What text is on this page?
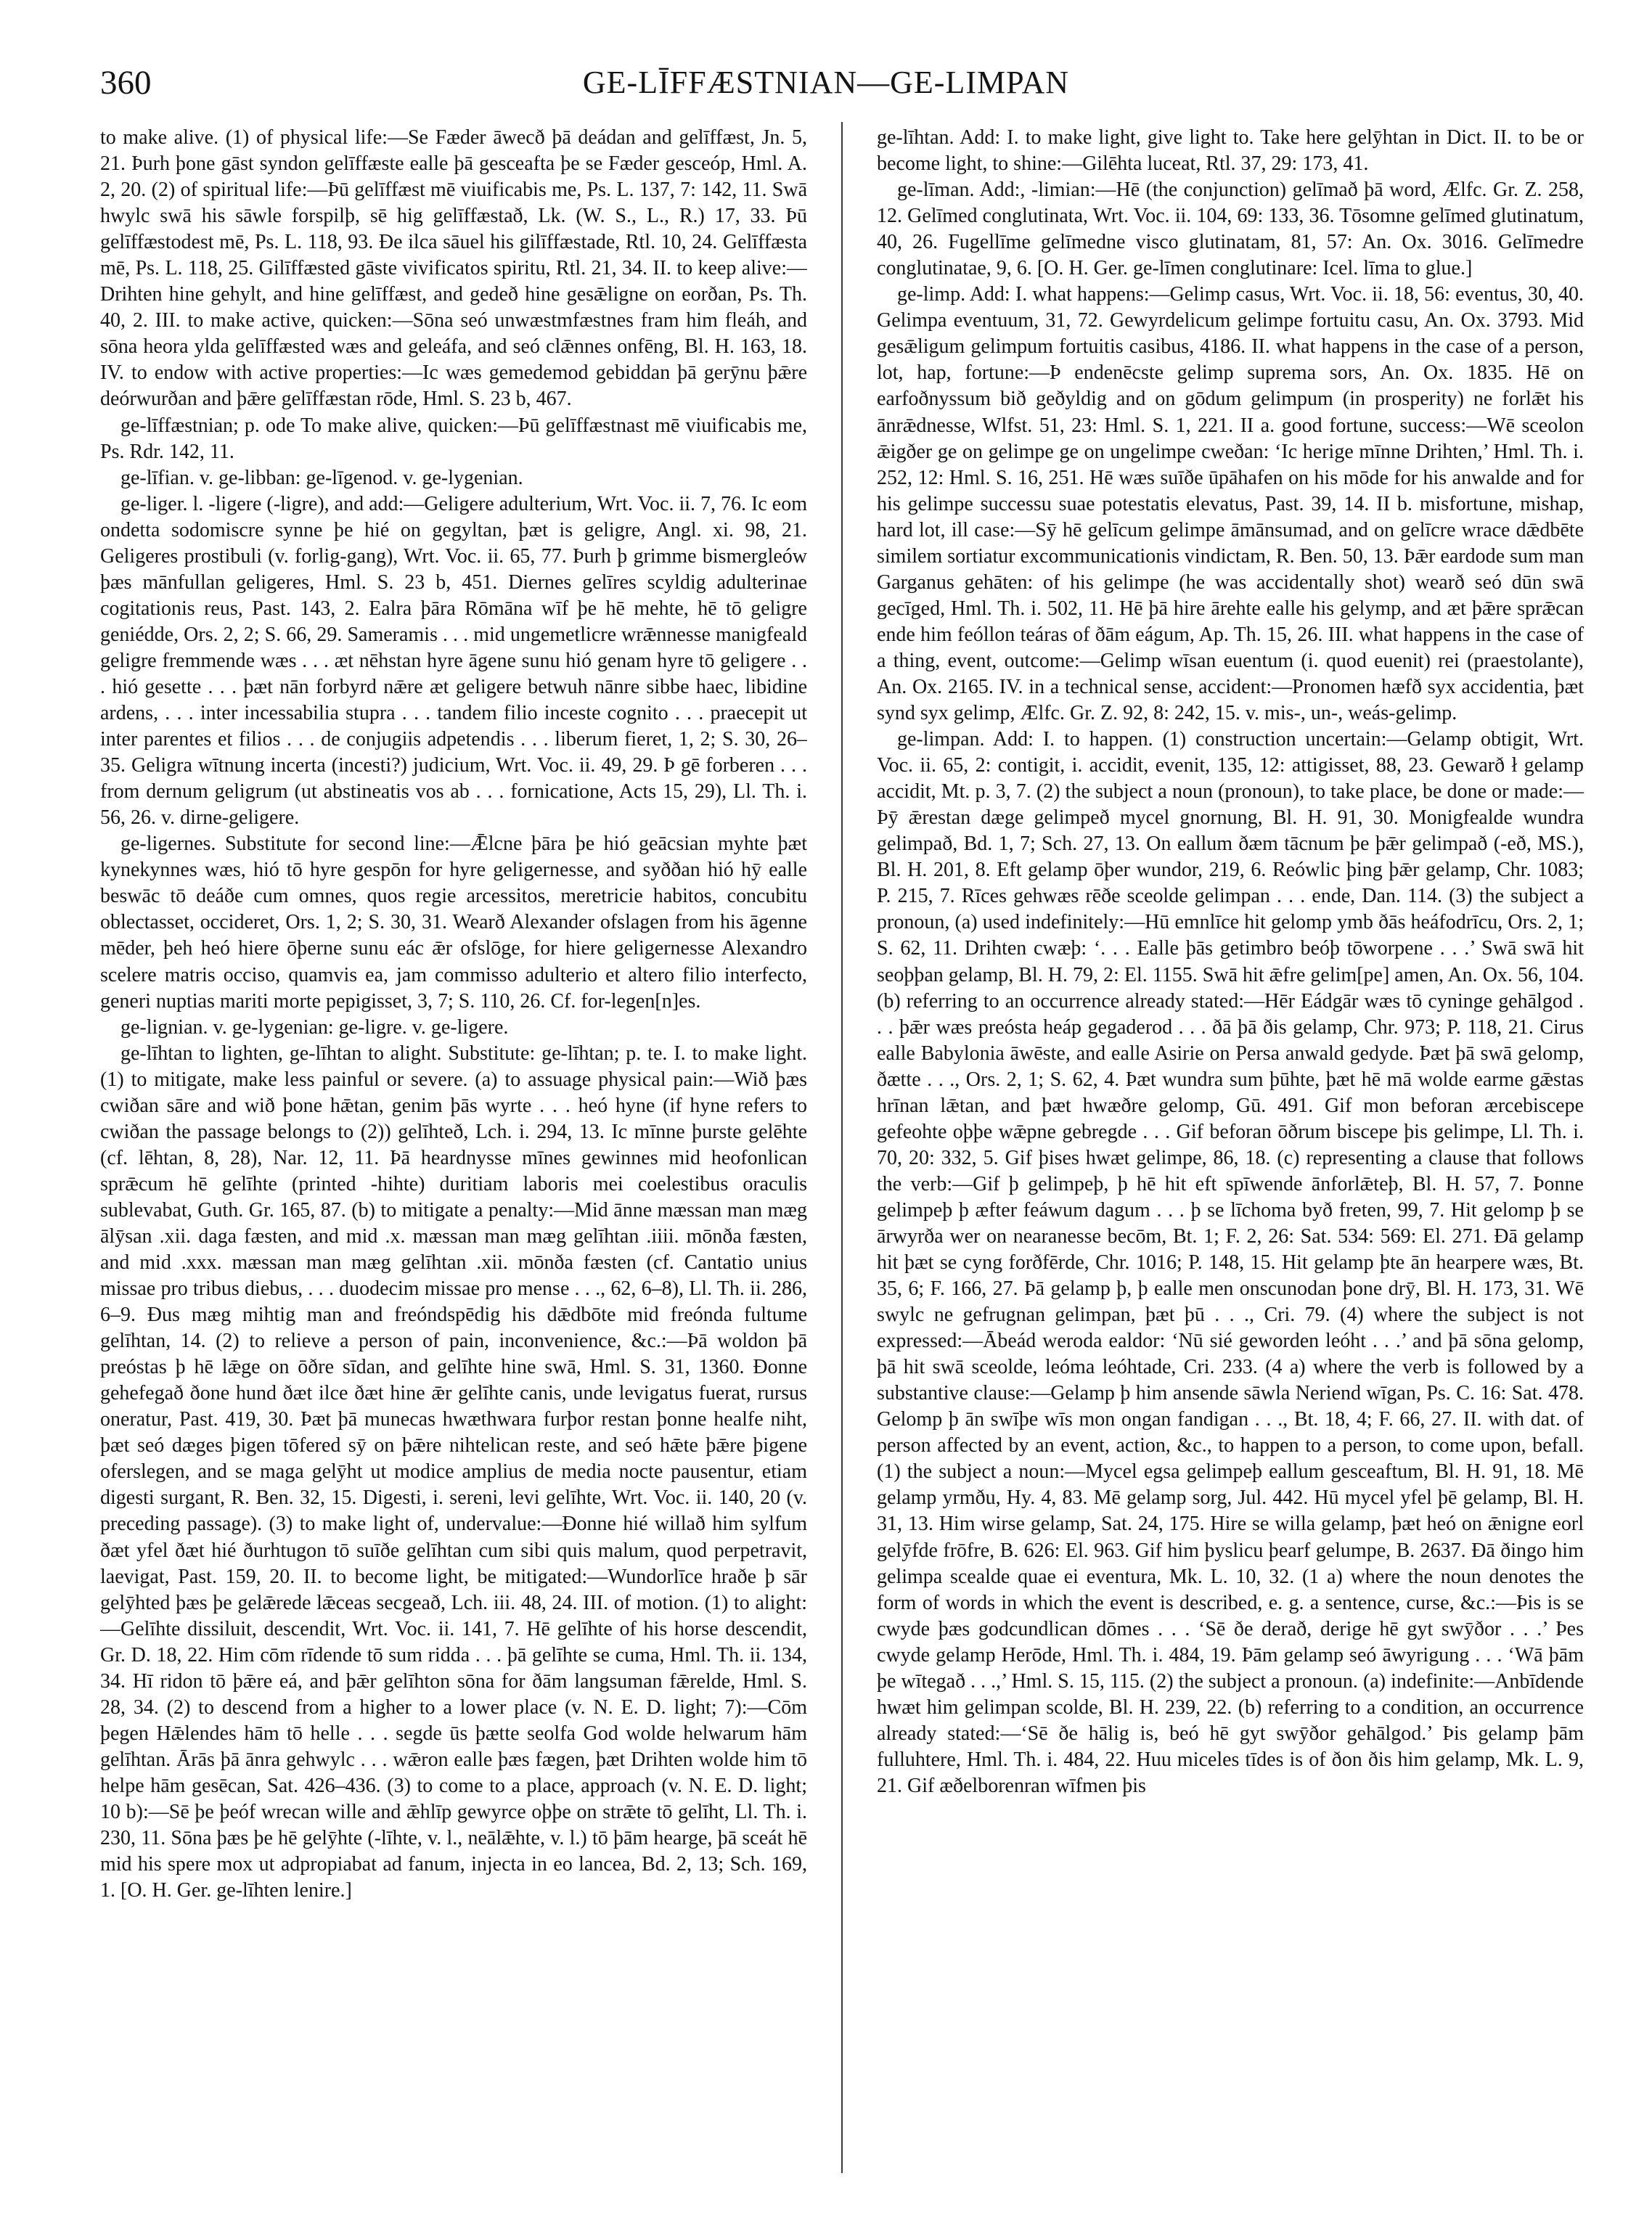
360	GE-LĪFFÆSTNIAN—GE-LIMPAN

to make alive. (1) of physical life:—Se Fæder āwecð þā deádan and gelīffæst, Jn. 5, 21. Þurh þone gāst syndon gelīffæste ealle þā gesceafta þe se Fæder gesceóp, Hml. A. 2, 20. (2) of spiritual life:—Þū gelīffæst mē viuificabis me, Ps. L. 137, 7: 142, 11. Swā hwylc swā his sāwle forspilþ, sē hig gelīffæstað, Lk. (W. S., L., R.) 17, 33. Þū gelīffæstodest mē, Ps. L. 118, 93. Ðe ilca sāuel his gilīffæstade, Rtl. 10, 24. Gelīffæsta mē, Ps. L. 118, 25. Gilīffæsted gāste vivificatos spiritu, Rtl. 21, 34. II. to keep alive:—Drihten hine gehylt, and hine gelīffæst, and gedeð hine gesǣligne on eorðan, Ps. Th. 40, 2. III. to make active, quicken:—Sōna seó unwæstmfæstnes fram him fleáh, and sōna heora ylda gelīffæsted wæs and geleáfa, and seó clǣnnes onfēng, Bl. H. 163, 18. IV. to endow with active properties:—Ic wæs gemedemod gebiddan þā gerȳnu þǣre deórwurðan and þǣre gelīffæstan rōde, Hml. S. 23 b, 467.

ge-līffæstnian; p. ode To make alive, quicken:—Þū gelīffæstnast mē viuificabis me, Ps. Rdr. 142, 11.

ge-līfian. v. ge-libban: ge-līgenod. v. ge-lygenian.

ge-liger. l. -ligere (-ligre), and add:—Geligere adulterium, Wrt. Voc. ii. 7, 76. Ic eom ondetta sodomiscre synne þe hié on gegyltan, þæt is geligre, Angl. xi. 98, 21. Geligeres prostibuli (v. forlig-gang), Wrt. Voc. ii. 65, 77. Þurh þ grimme bismergleów þæs mānfullan geligeres, Hml. S. 23 b, 451. Diernes gelīres scyldig adulterinae cogitationis reus, Past. 143, 2. Ealra þāra Rōmāna wīf þe hē mehte, hē tō geligre geniédde, Ors. 2, 2; S. 66, 29. Sameramis . . . mid ungemetlicre wrǣnnesse manigfeald geligre fremmende wæs . . . æt nēhstan hyre āgene sunu hió genam hyre tō geligere . . . hió gesette . . . þæt nān forbyrd nǣre æt geligere betwuh nānre sibbe haec, libidine ardens, . . . inter incessabilia stupra . . . tandem filio inceste cognito . . . praecepit ut inter parentes et filios . . . de conjugiis adpetendis . . . liberum fieret, 1, 2; S. 30, 26–35. Geligra wītnung incerta (incesti?) judicium, Wrt. Voc. ii. 49, 29. Þ gē forberen . . . from dernum geligrum (ut abstineatis vos ab . . . fornicatione, Acts 15, 29), Ll. Th. i. 56, 26. v. dirne-geligere.

ge-ligernes. Substitute for second line:—Ǣlcne þāra þe hió geācsian myhte þæt kynekynnes wæs, hió tō hyre gespōn for hyre geligernesse, and syððan hió hȳ ealle beswāc tō deáðe cum omnes, quos regie arcessitos, meretricie habitos, concubitu oblectasset, occideret, Ors. 1, 2; S. 30, 31. Wearð Alexander ofslagen from his āgenne mēder, þeh heó hiere ōþerne sunu eác ǣr ofslōge, for hiere geligernesse Alexandro scelere matris occiso, quamvis ea, jam commisso adulterio et altero filio interfecto, generi nuptias mariti morte pepigisset, 3, 7; S. 110, 26. Cf. for-legen[n]es.

ge-lignian. v. ge-lygenian: ge-ligre. v. ge-ligere.

ge-līhtan to lighten, ge-līhtan to alight. Substitute: ge-līhtan; p. te. I. to make light. (1) to mitigate, make less painful or severe. (a) to assuage physical pain:—Wið þæs cwiðan sāre and wið þone hǣtan, genim þās wyrte . . . heó hyne (if hyne refers to cwiðan the passage belongs to (2)) gelīhteð, Lch. i. 294, 13. Ic mīnne þurste gelēhte (cf. lēhtan, 8, 28), Nar. 12, 11. Þā heardnysse mīnes gewinnes mid heofonlican sprǣcum hē gelīhte (printed -hihte) duritiam laboris mei coelestibus oraculis sublevabat, Guth. Gr. 165, 87. (b) to mitigate a penalty:—Mid ānne mæssan man mæg ālȳsan .xii. daga fæsten, and mid .x. mæssan man mæg gelīhtan .iiii. mōnða fæsten, and mid .xxx. mæssan man mæg gelīhtan .xii. mōnða fæsten (cf. Cantatio unius missae pro tribus diebus, . . . duodecim missae pro mense . . ., 62, 6–8), Ll. Th. ii. 286, 6–9. Ðus mæg mihtig man and freóndspēdig his dǣdbōte mid freónda fultume gelīhtan, 14. (2) to relieve a person of pain, inconvenience, &c.:—Þā woldon þā preóstas þ hē lǣge on ōðre sīdan, and gelīhte hine swā, Hml. S. 31, 1360. Ðonne gehefegað ðone hund ðæt ilce ðæt hine ǣr gelīhte canis, unde levigatus fuerat, rursus oneratur, Past. 419, 30. Þæt þā munecas hwæthwara furþor restan þonne healfe niht, þæt seó dæges þigen tōfered sȳ on þǣre nihtelican reste, and seó hǣte þǣre þigene oferslegen, and se maga gelȳht ut modice amplius de media nocte pausentur, etiam digesti surgant, R. Ben. 32, 15. Digesti, i. sereni, levi gelīhte, Wrt. Voc. ii. 140, 20 (v. preceding passage). (3) to make light of, undervalue:—Ðonne hié willað him sylfum ðæt yfel ðæt hié ðurhtugon tō suīðe gelīhtan cum sibi quis malum, quod perpetravit, laevigat, Past. 159, 20. II. to become light, be mitigated:—Wundorlīce hraðe þ sār gelȳhted þæs þe gelǣrede lǣceas secgeað, Lch. iii. 48, 24. III. of motion. (1) to alight:—Gelīhte dissiluit, descendit, Wrt. Voc. ii. 141, 7. Hē gelīhte of his horse descendit, Gr. D. 18, 22. Him cōm rīdende tō sum ridda . . . þā gelīhte se cuma, Hml. Th. ii. 134, 34. Hī ridon tō þǣre eá, and þǣr gelīhton sōna for ðām langsuman fǣrelde, Hml. S. 28, 34. (2) to descend from a higher to a lower place (v. N. E. D. light; 7):—Cōm þegen Hǣlendes hām tō helle . . . segde ūs þætte seolfa God wolde helwarum hām gelīhtan. Ārās þā ānra gehwylc . . . wǣron ealle þæs fægen, þæt Drihten wolde him tō helpe hām gesēcan, Sat. 426–436. (3) to come to a place, approach (v. N. E. D. light; 10 b):—Sē þe þeóf wrecan wille and ǣhlīp gewyrce oþþe on strǣte tō gelīht, Ll. Th. i. 230, 11. Sōna þæs þe hē gelȳhte (-līhte, v. l., neālǣhte, v. l.) tō þām hearge, þā sceát hē mid his spere mox ut adpropiabat ad fanum, injecta in eo lancea, Bd. 2, 13; Sch. 169, 1. [O. H. Ger. ge-līhten lenire.]

ge-līhtan. Add: I. to make light, give light to. Take here gelȳhtan in Dict. II. to be or become light, to shine:—Gilēhta luceat, Rtl. 37, 29: 173, 41.

ge-līman. Add:, -limian:—Hē (the conjunction) gelīmað þā word, Ælfc. Gr. Z. 258, 12. Gelīmed conglutinata, Wrt. Voc. ii. 104, 69: 133, 36. Tōsomne gelīmed glutinatum, 40, 26. Fugellīme gelīmedne visco glutinatam, 81, 57: An. Ox. 3016. Gelīmedre conglutinatae, 9, 6. [O. H. Ger. ge-līmen conglutinare: Icel. līma to glue.]

ge-limp. Add: I. what happens:—Gelimp casus, Wrt. Voc. ii. 18, 56: eventus, 30, 40. Gelimpa eventuum, 31, 72. Gewyrdelicum gelimpe fortuitu casu, An. Ox. 3793. Mid gesǣligum gelimpum fortuitis casibus, 4186. II. what happens in the case of a person, lot, hap, fortune:—Þ endenēcste gelimp suprema sors, An. Ox. 1835. Hē on earfoðnyssum bið geðyldig and on gōdum gelimpum (in prosperity) ne forlǣt his ānrǣdnesse, Wlfst. 51, 23: Hml. S. 1, 221. II a. good fortune, success:—Wē sceolon ǣigðer ge on gelimpe ge on ungelimpe cweðan: ‘Ic herige mīnne Drihten,’ Hml. Th. i. 252, 12: Hml. S. 16, 251. Hē wæs suīðe ūpāhafen on his mōde for his anwalde and for his gelimpe successu suae potestatis elevatus, Past. 39, 14. II b. misfortune, mishap, hard lot, ill case:—Sȳ hē gelīcum gelimpe āmānsumad, and on gelīcre wrace dǣdbēte similem sortiatur excommunicationis vindictam, R. Ben. 50, 13. Þǣr eardode sum man Garganus gehāten: of his gelimpe (he was accidentally shot) wearð seó dūn swā gecīged, Hml. Th. i. 502, 11. Hē þā hire ārehte ealle his gelymp, and æt þǣre sprǣcan ende him feóllon teáras of ðām eágum, Ap. Th. 15, 26. III. what happens in the case of a thing, event, outcome:—Gelimp wīsan euentum (i. quod euenit) rei (praestolante), An. Ox. 2165. IV. in a technical sense, accident:—Pronomen hæfð syx accidentia, þæt synd syx gelimp, Ælfc. Gr. Z. 92, 8: 242, 15. v. mis-, un-, weás-gelimp.

ge-limpan. Add: I. to happen. (1) construction uncertain:—Gelamp obtigit, Wrt. Voc. ii. 65, 2: contigit, i. accidit, evenit, 135, 12: attigisset, 88, 23. Gewarð ł gelamp accidit, Mt. p. 3, 7. (2) the subject a noun (pronoun), to take place, be done or made:—Þȳ ǣrestan dæge gelimpeð mycel gnornung, Bl. H. 91, 30. Monigfealde wundra gelimpað, Bd. 1, 7; Sch. 27, 13. On eallum ðæm tācnum þe þǣr gelimpað (-eð, MS.), Bl. H. 201, 8. Eft gelamp ōþer wundor, 219, 6. Reówlic þing þǣr gelamp, Chr. 1083; P. 215, 7. Rīces gehwæs rēðe sceolde gelimpan . . . ende, Dan. 114. (3) the subject a pronoun, (a) used indefinitely:—Hū emnlīce hit gelomp ymb ðās heáfodrīcu, Ors. 2, 1; S. 62, 11. Drihten cwæþ: ‘. . . Ealle þās getimbro beóþ tōworpene . . .’ Swā swā hit seoþþan gelamp, Bl. H. 79, 2: El. 1155. Swā hit ǣfre gelim[pe] amen, An. Ox. 56, 104. (b) referring to an occurrence already stated:—Hēr Eádgār wæs tō cyninge gehālgod . . . þǣr wæs preósta heáp gegaderod . . . ðā þā ðis gelamp, Chr. 973; P. 118, 21. Cirus ealle Babylonia āwēste, and ealle Asirie on Persa anwald gedyde. Þæt þā swā gelomp, ðætte . . ., Ors. 2, 1; S. 62, 4. Þæt wundra sum þūhte, þæt hē mā wolde earme gǣstas hrīnan lǣtan, and þæt hwæðre gelomp, Gū. 491. Gif mon beforan ærcebiscepe gefeohte oþþe wǣpne gebregde . . . Gif beforan ōðrum biscepe þis gelimpe, Ll. Th. i. 70, 20: 332, 5. Gif þises hwæt gelimpe, 86, 18. (c) representing a clause that follows the verb:—Gif þ gelimpeþ, þ hē hit eft spīwende ānforlǣteþ, Bl. H. 57, 7. Þonne gelimpeþ þ æfter feáwum dagum . . . þ se līchoma byð freten, 99, 7. Hit gelomp þ se ārwyrða wer on nearanesse becōm, Bt. 1; F. 2, 26: Sat. 534: 569: El. 271. Ðā gelamp hit þæt se cyng forðfērde, Chr. 1016; P. 148, 15. Hit gelamp þte ān hearpere wæs, Bt. 35, 6; F. 166, 27. Þā gelamp þ, þ ealle men onscunodan þone drȳ, Bl. H. 173, 31. Wē swylc ne gefrugnan gelimpan, þæt þū . . ., Cri. 79. (4) where the subject is not expressed:—Ābeád weroda ealdor: ‘Nū sié geworden leóht . . .’ and þā sōna gelomp, þā hit swā sceolde, leóma leóhtade, Cri. 233. (4 a) where the verb is followed by a substantive clause:—Gelamp þ him ansende sāwla Neriend wīgan, Ps. C. 16: Sat. 478. Gelomp þ ān swīþe wīs mon ongan fandigan . . ., Bt. 18, 4; F. 66, 27. II. with dat. of person affected by an event, action, &c., to happen to a person, to come upon, befall. (1) the subject a noun:—Mycel egsa gelimpeþ eallum gesceaftum, Bl. H. 91, 18. Mē gelamp yrmðu, Hy. 4, 83. Mē gelamp sorg, Jul. 442. Hū mycel yfel þē gelamp, Bl. H. 31, 13. Him wirse gelamp, Sat. 24, 175. Hire se willa gelamp, þæt heó on ǣnigne eorl gelȳfde frōfre, B. 626: El. 963. Gif him þyslicu þearf gelumpe, B. 2637. Ðā ðingo him gelimpa scealde quae ei eventura, Mk. L. 10, 32. (1 a) where the noun denotes the form of words in which the event is described, e. g. a sentence, curse, &c.:—Þis is se cwyde þæs godcundlican dōmes . . . ‘Sē ðe derað, derige hē gyt swȳðor . . .’ Þes cwyde gelamp Herōde, Hml. Th. i. 484, 19. Þām gelamp seó āwyrigung . . . ‘Wā þām þe wītegað . . .,’ Hml. S. 15, 115. (2) the subject a pronoun. (a) indefinite:—Anbīdende hwæt him gelimpan scolde, Bl. H. 239, 22. (b) referring to a condition, an occurrence already stated:—‘Sē ðe hālig is, beó hē gyt swȳðor gehālgod.’ Þis gelamp þām fulluhtere, Hml. Th. i. 484, 22. Huu miceles tīdes is of ðon ðis him gelamp, Mk. L. 9, 21. Gif æðelborenran wīfmen þis
